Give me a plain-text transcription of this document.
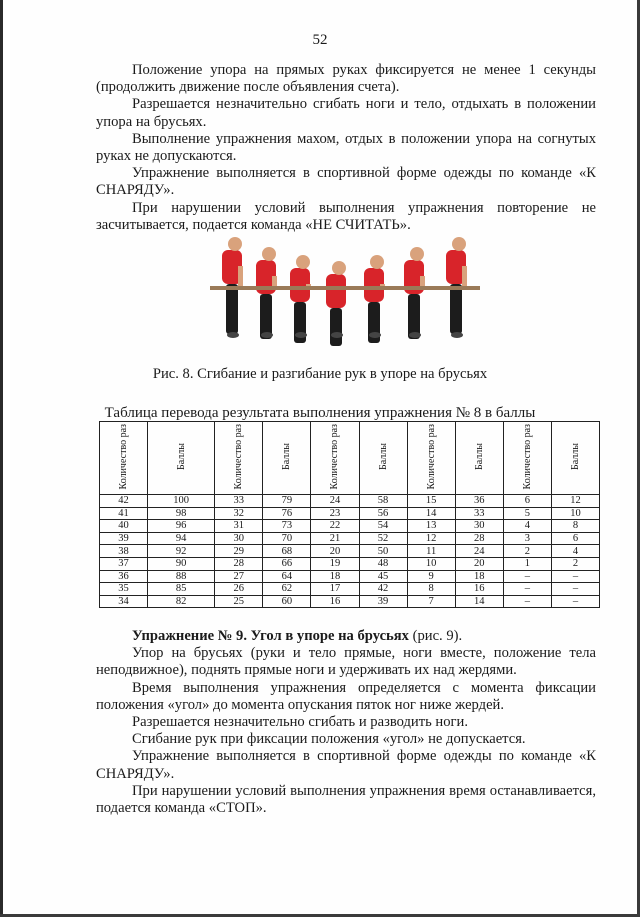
52

Положение упора на прямых руках фиксируется не менее 1 секунды (продолжить движение после объявления счета).

Разрешается незначительно сгибать ноги и тело, отдыхать в положении упора на брусьях.

Выполнение упражнения махом, отдых в положении упора на согнутых руках не допускаются.

Упражнение выполняется в спортивной форме одежды по команде «К СНАРЯДУ».

При нарушении условий выполнения упражнения повторение не засчитывается, подается команда «НЕ СЧИТАТЬ».

Рис. 8. Сгибание и разгибание рук в упоре на брусьях
Таблица перевода результата выполнения упражнения № 8 в баллы
Количество раз	Баллы	Количество раз	Баллы	Количество раз	Баллы	Количество раз	Баллы	Количество раз	Баллы
42	100	33	79	24	58	15	36	6	12
41	98	32	76	23	56	14	33	5	10
40	96	31	73	22	54	13	30	4	8
39	94	30	70	21	52	12	28	3	6
38	92	29	68	20	50	11	24	2	4
37	90	28	66	19	48	10	20	1	2
36	88	27	64	18	45	9	18	–	–
35	85	26	62	17	42	8	16	–	–
34	82	25	60	16	39	7	14	–	–

Упражнение № 9. Угол в упоре на брусьях (рис. 9).

Упор на брусьях (руки и тело прямые, ноги вместе, положение тела неподвижное), поднять прямые ноги и удерживать их над жердями.

Время выполнения упражнения определяется с момента фиксации положения «угол» до момента опускания пяток ног ниже жердей.

Разрешается незначительно сгибать и разводить ноги.

Сгибание рук при фиксации положения «угол» не допускается.

Упражнение выполняется в спортивной форме одежды по команде «К СНАРЯДУ».

При нарушении условий выполнения упражнения время останавливается, подается команда «СТОП».
